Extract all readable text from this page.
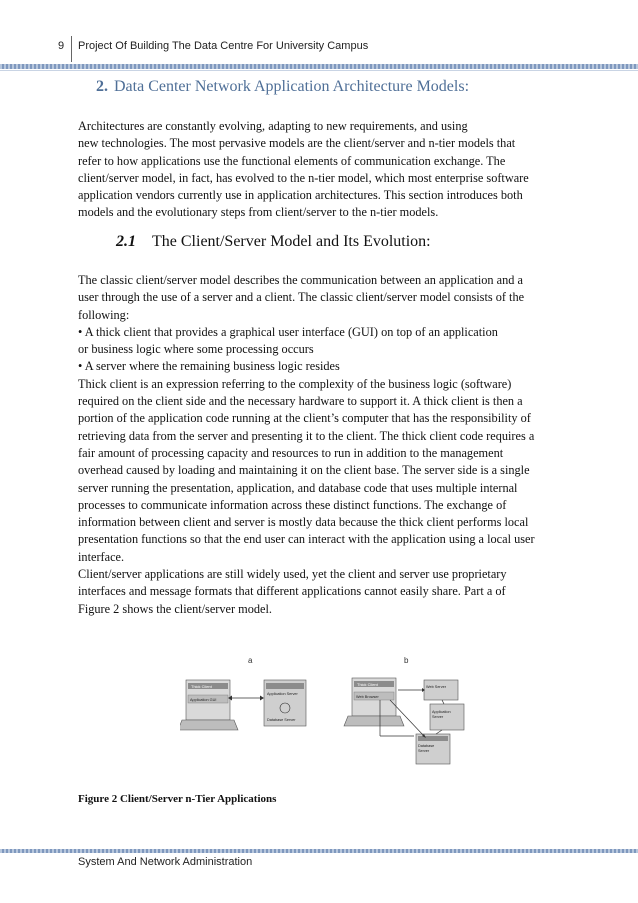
9 Project Of Building The Data Centre For University Campus
2. Data Center Network Application Architecture Models:

Architectures are constantly evolving, adapting to new requirements, and using

new technologies. The most pervasive models are the client/server and n-tier models that

refer to how applications use the functional elements of communication exchange. The

client/server model, in fact, has evolved to the n-tier model, which most enterprise software

application vendors currently use in application architectures. This section introduces both

models and the evolutionary steps from client/server to the n-tier models.

2.1 The Client/Server Model and Its Evolution:

The classic client/server model describes the communication between an application and a

user through the use of a server and a client. The classic client/server model consists of the

following:

• A thick client that provides a graphical user interface (GUI) on top of an application

or business logic where some processing occurs

• A server where the remaining business logic resides

Thick client is an expression referring to the complexity of the business logic (software)

required on the client side and the necessary hardware to support it. A thick client is then a

portion of the application code running at the client’s computer that has the responsibility of

retrieving data from the server and presenting it to the client. The thick client code requires a

fair amount of processing capacity and resources to run in addition to the management

overhead caused by loading and maintaining it on the client base. The server side is a single

server running the presentation, application, and database code that uses multiple internal

processes to communicate information across these distinct functions. The exchange of

information between client and server is mostly data because the thick client performs local

presentation functions so that the end user can interact with the application using a local user

interface.

Client/server applications are still widely used, yet the client and server use proprietary

interfaces and message formats that different applications cannot easily share. Part a of

Figure 2 shows the client/server model.

a
Thick Client
Application GUI
Application Server
Database Server
b
Thick Client
Web Browser
Web Server
Application
Server
Database
Server
Figure 2 Client/Server n-Tier Applications
System And Network Administration
